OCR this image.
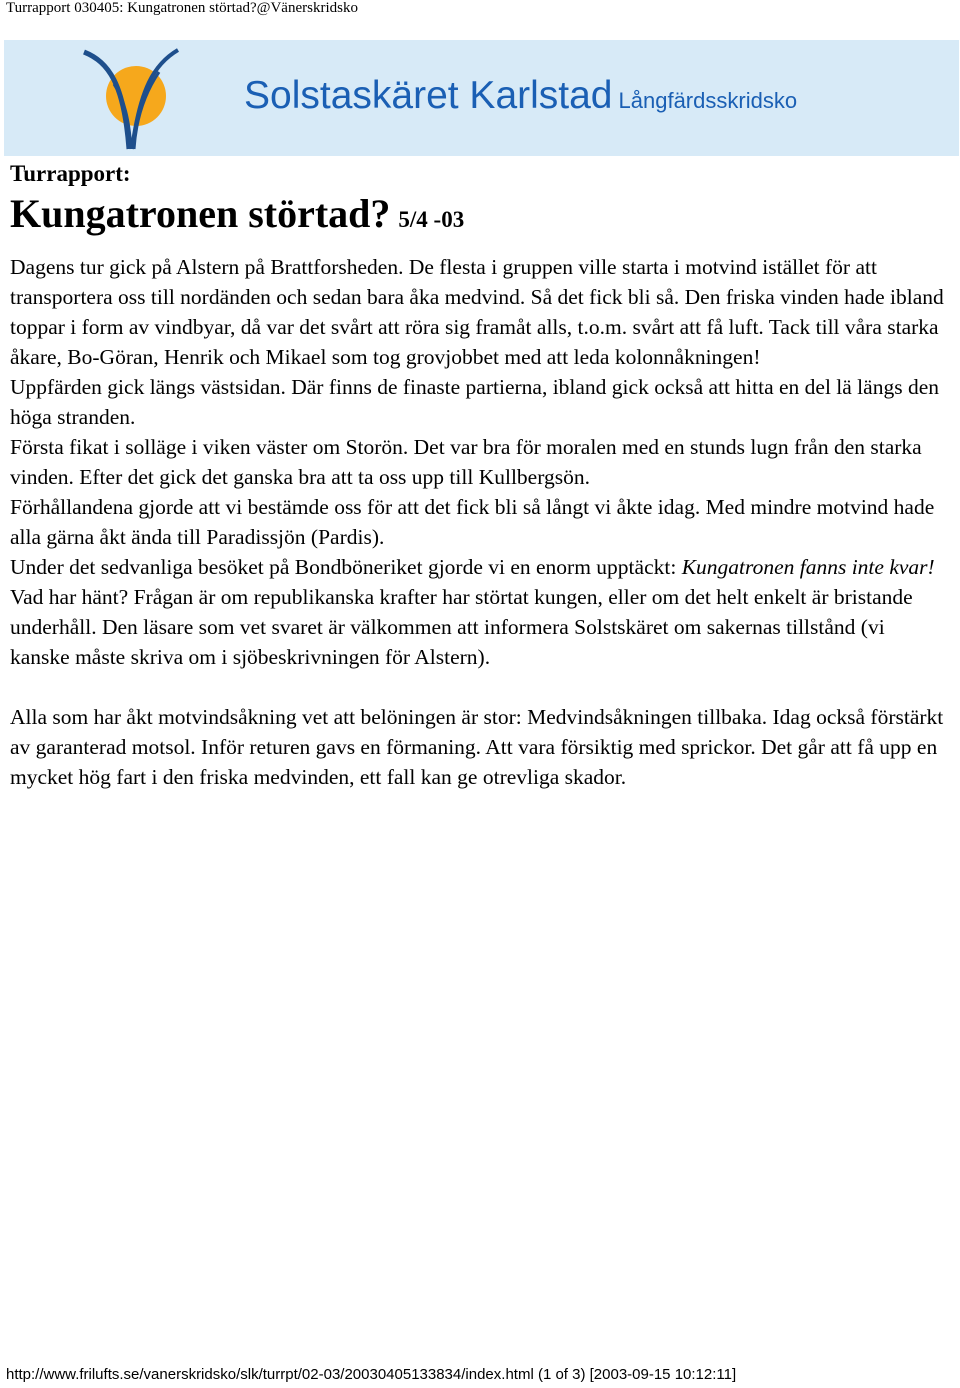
Turrapport 030405: Kungatronen störtad?@Vänerskridsko
Solstaskäret Karlstad Långfärdsskridsko
Turrapport:
Kungatronen störtad? 5/4 -03

Dagens tur gick på Alstern på Brattforsheden. De flesta i gruppen ville starta i motvind istället för att transportera oss till nordänden och sedan bara åka medvind. Så det fick bli så. Den friska vinden hade ibland toppar i form av vindbyar, då var det svårt att röra sig framåt alls, t.o.m. svårt att få luft. Tack till våra starka åkare, Bo-Göran, Henrik och Mikael som tog grovjobbet med att leda kolonnåkningen!

Uppfärden gick längs västsidan. Där finns de finaste partierna, ibland gick också att hitta en del lä längs den höga stranden.

Första fikat i solläge i viken väster om Storön. Det var bra för moralen med en stunds lugn från den starka vinden. Efter det gick det ganska bra att ta oss upp till Kullbergsön.

Förhållandena gjorde att vi bestämde oss för att det fick bli så långt vi åkte idag. Med mindre motvind hade alla gärna åkt ända till Paradissjön (Pardis).

Under det sedvanliga besöket på Bondböneriket gjorde vi en enorm upptäckt: Kungatronen fanns inte kvar! Vad har hänt? Frågan är om republikanska krafter har störtat kungen, eller om det helt enkelt är bristande underhåll. Den läsare som vet svaret är välkommen att informera Solstskäret om sakernas tillstånd (vi kanske måste skriva om i sjöbeskrivningen för Alstern).

Alla som har åkt motvindsåkning vet att belöningen är stor: Medvindsåkningen tillbaka. Idag också förstärkt av garanterad motsol. Inför returen gavs en förmaning. Att vara försiktig med sprickor. Det går att få upp en mycket hög fart i den friska medvinden, ett fall kan ge otrevliga skador.

http://www.frilufts.se/vanerskridsko/slk/turrpt/02-03/20030405133834/index.html (1 of 3) [2003-09-15 10:12:11]
